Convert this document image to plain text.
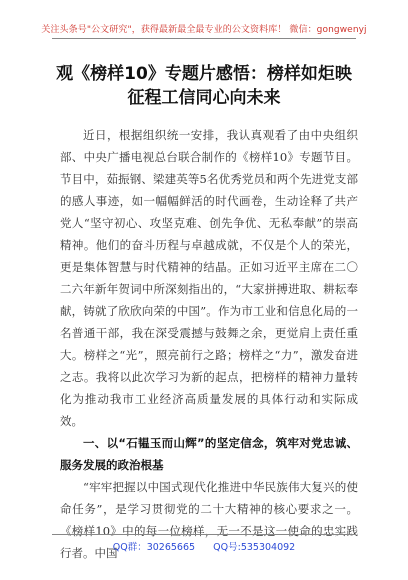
关注头条号"公文研究"，获得最新最全最专业的公文资料库！ 微信：gongwenyj
观《榜样10》专题片感悟：榜样如炬映
征程工信同心向未来

近日，根据组织统一安排，我认真观看了由中央组织部、中央广播电视总台联合制作的《榜样10》专题节目。节目中，茹振钢、梁建英等5名优秀党员和两个先进党支部的感人事迹，如一幅幅鲜活的时代画卷，生动诠释了共产党人“坚守初心、攻坚克难、创先争优、无私奉献”的崇高精神。他们的奋斗历程与卓越成就，不仅是个人的荣光，更是集体智慧与时代精神的结晶。正如习近平主席在二〇二六年新年贺词中所深刻指出的，“大家拼搏进取、耕耘奉献，铸就了欣欣向荣的中国”。作为市工业和信息化局的一名普通干部，我在深受震撼与鼓舞之余，更觉肩上责任重大。榜样之“光”，照亮前行之路；榜样之“力”，激发奋进之志。我将以此次学习为新的起点，把榜样的精神力量转化为推动我市工业经济高质量发展的具体行动和实际成效。

一、以“石韫玉而山辉”的坚定信念，筑牢对党忠诚、服务发展的政治根基

“牢牢把握以中国式现代化推进中华民族伟大复兴的使命任务”，是学习贯彻党的二十大精神的核心要求之一。《榜样10》中的每一位榜样，无一不是这一使命的忠实践行者。中国

QQ群：30265665      QQ号:535304092
